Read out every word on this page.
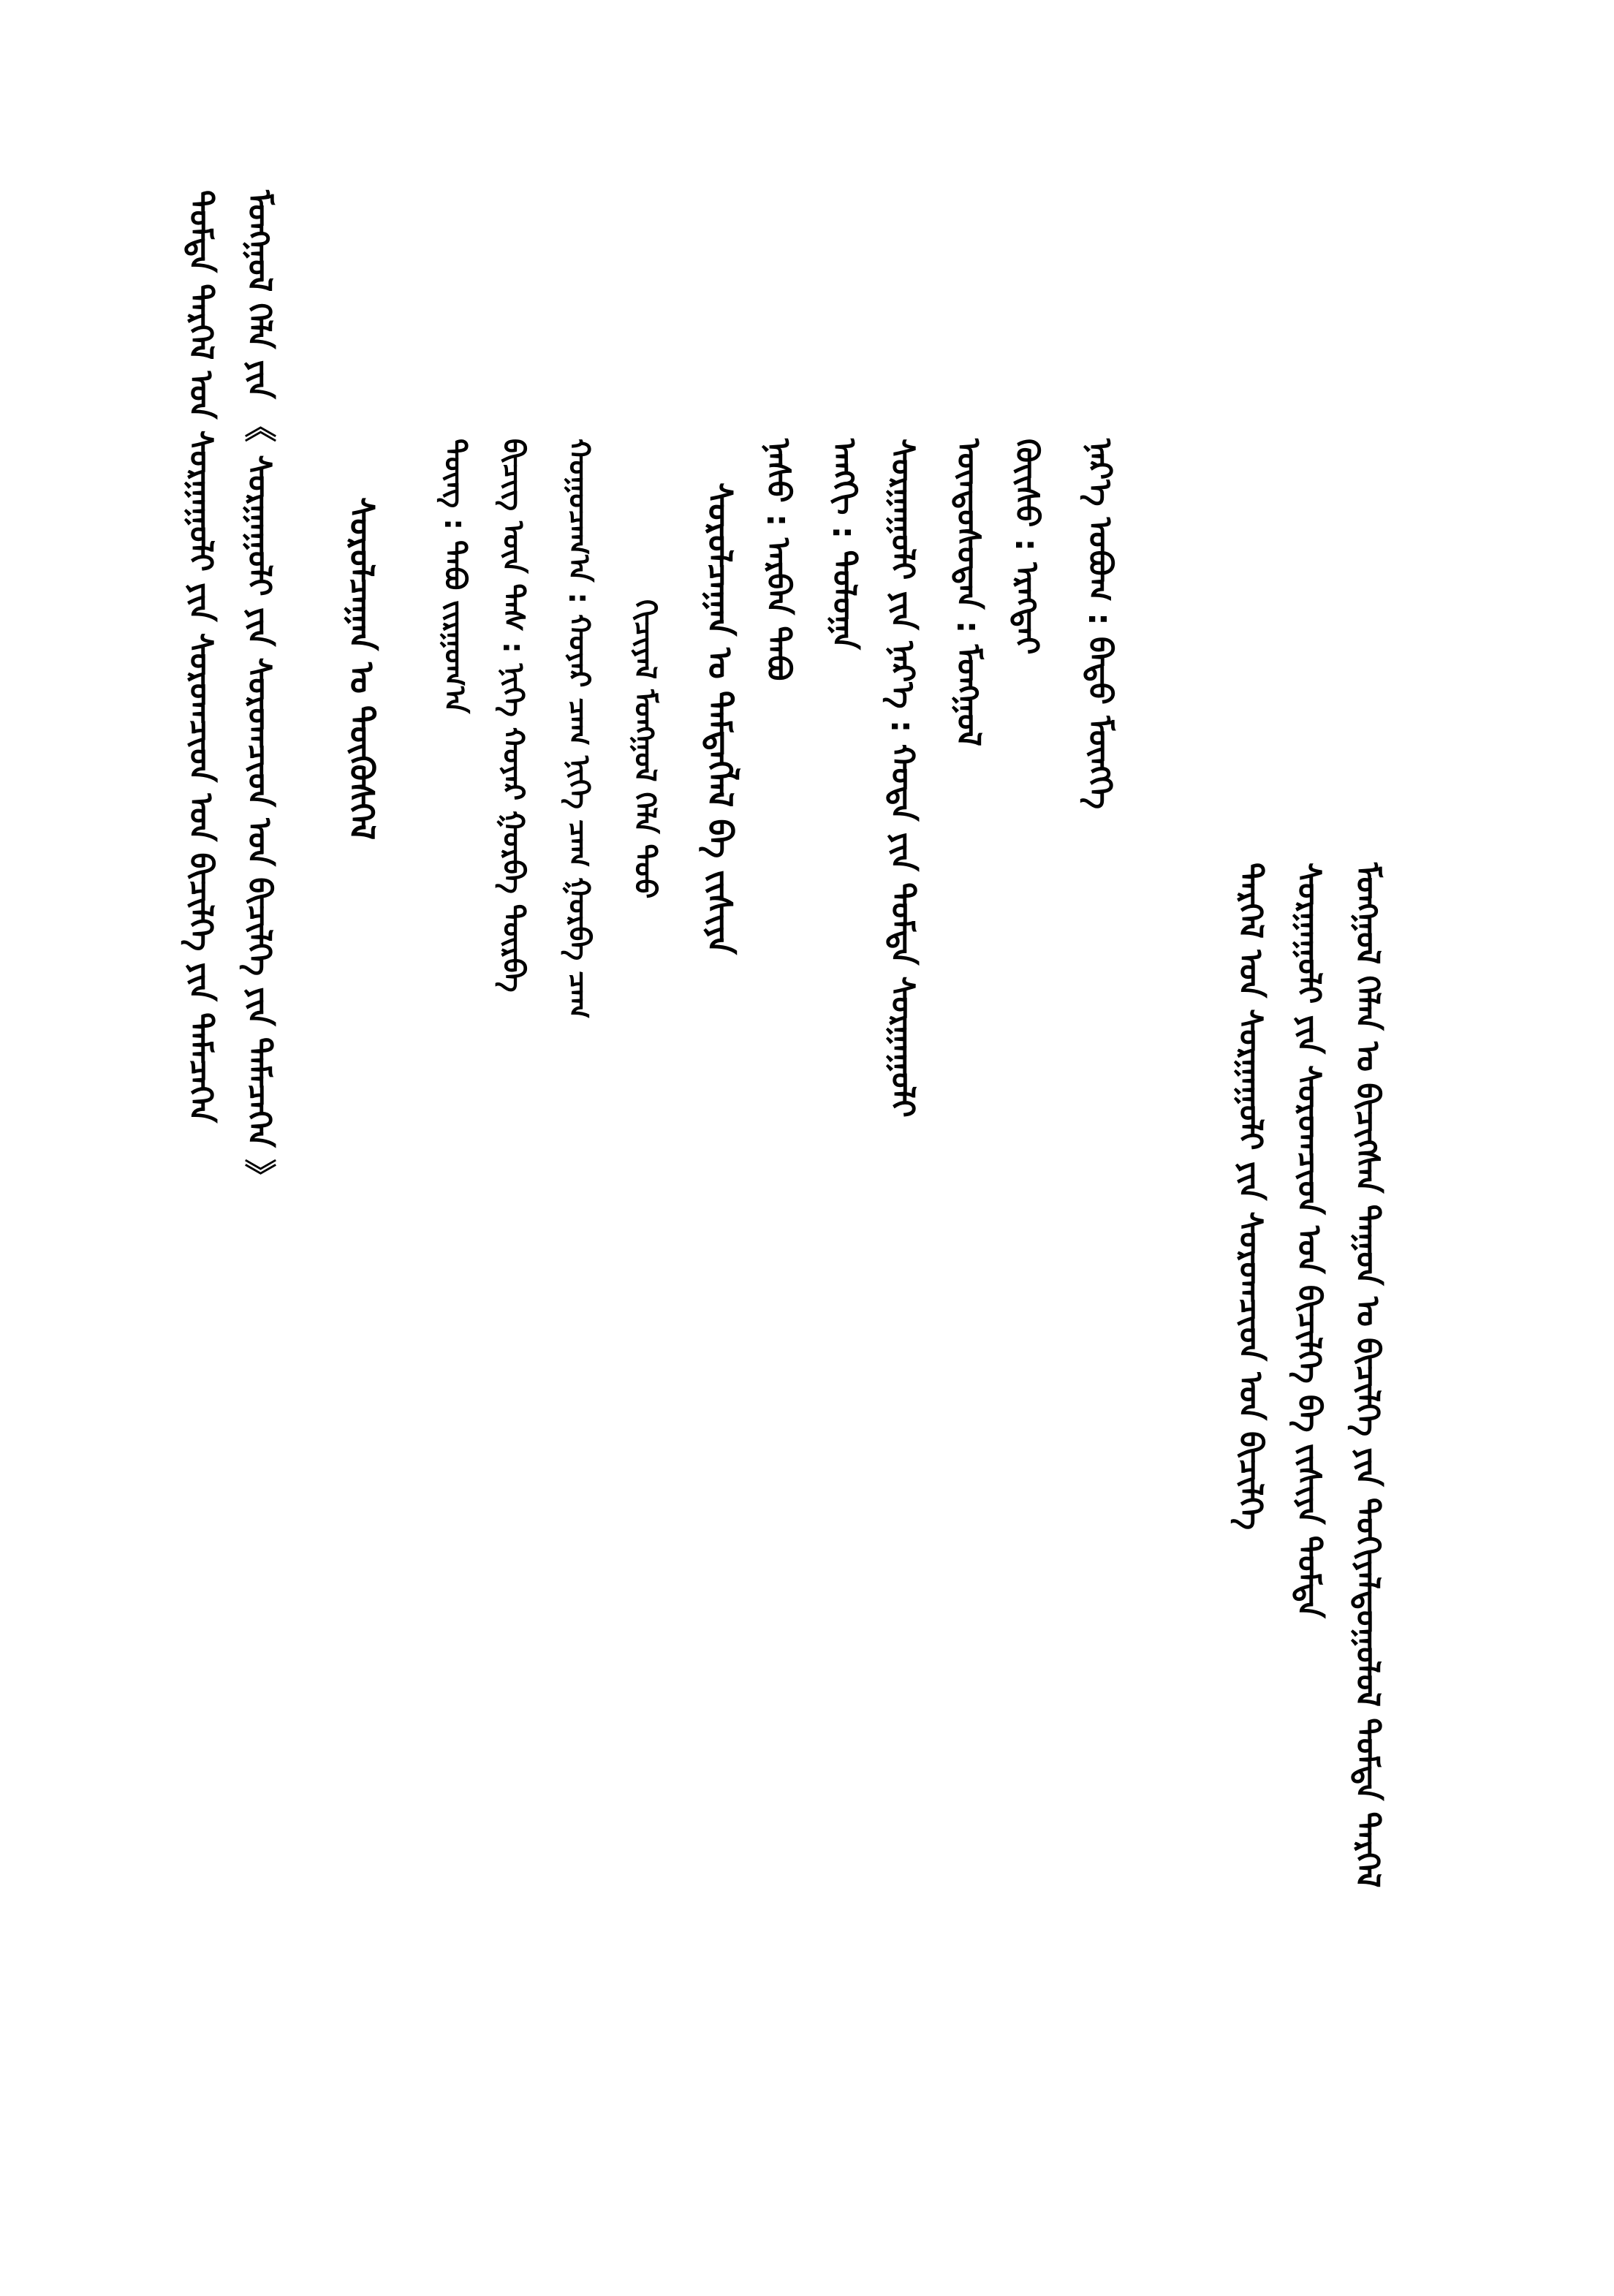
ᠮᠣᠩᠭᠣᠯ ᠬᠡᠯᠡᠨ ᠤ ᠪᠢᠴᠢᠭᠰᠡᠨ ᠳᠠᠭᠤᠨ ᠤ ᠪᠢᠴᠢᠯᠭᠡ ᠶᠢᠨ ᠲᠣᠬᠢᠶᠠᠯᠳᠤᠭᠤᠯᠤᠯ ᠳᠤᠮᠳᠠ ᠲᠡᠷᠭᠡᠯ
ᠰᠤᠷᠭᠠᠭᠤᠯᠢ ᠶᠢᠨ ᠰᠤᠷᠤᠭᠴᠢᠳ ᠤᠨ ᠪᠢᠴᠢᠯᠭᠡ ᠪᠠ ᠵᠢᠱᠢᠶᠡ ᠳᠤᠮᠳᠠ
ᠲᠡᠷᠭᠡᠯ ᠤᠨ ᠰᠤᠷᠭᠠᠭᠤᠯᠢ ᠶᠢᠨ ᠰᠤᠷᠤᠭᠴᠢᠳ ᠤᠨ ᠪᠢᠴᠢᠯᠭᠡ
ᠨᠡᠷ᠎ᠡ ᠣᠪᠣᠭ : ᠪᠠᠲᠤ ᠮᠥᠩᠬᠡ
ᠬᠦᠢᠰᠦ : ᠡᠷᠡᠭᠲᠡᠢ
ᠦᠨᠳᠦᠰᠦᠲᠡᠨ : ᠮᠣᠩᠭᠣᠯ
ᠰᠤᠷᠭᠠᠭᠤᠯᠢ ᠶᠢᠨ ᠨᠡᠷ᠎ᠡ : ᠬᠣᠲᠠ ᠶᠢᠨ ᠳᠤᠮᠳᠠ ᠰᠤᠷᠭᠠᠭᠤᠯᠢ
ᠠᠩᠭᠢ : ᠳᠣᠯᠣᠭᠠ
ᠨᠠᠰᠤ : ᠠᠷᠪᠠᠨ ᠲᠠᠪᠤ
ᠰᠤᠷᠤᠯᠴᠠᠭᠠᠨ ᠤ ᠲᠡᠮᠳᠡᠭᠯᠡᠯ ᠪᠠ ᠵᠢᠱᠢᠶᠡ
ᠬᠢᠴᠢᠶᠡᠯ ᠮᠣᠩᠭᠣᠯ ᠬᠡᠯᠡ ᠳᠣᠣ
ᠬᠤᠭᠤᠴᠠᠭ᠎ᠠ : ᠬᠣᠶᠠᠷ ᠴᠠᠭ ᠨᠢᠭᠡ ᠴᠠᠭ ᠭᠤᠷᠪᠠ ᠴᠠᠭ
ᠪᠢᠴᠢᠭ ᠦᠨ ᠳᠡᠰ : ᠨᠢᠭᠡ ᠬᠣᠶᠠᠷ ᠭᠤᠷᠪᠠ ᠳᠥᠷᠪᠡ
ᠳᠦᠩ : ᠲᠠᠪᠤ ᠵᠢᠷᠭᠤᠭ᠎ᠠ
ᠰᠤᠷᠤᠯᠴᠠᠭᠠᠨ ᠤ ᠲᠦᠭᠦᠰᠬᠡᠯ
ᠮᠣᠩᠭᠣᠯ ᠬᠡᠯᠡ ᠶᠢᠨ 《 ᠰᠤᠷᠭᠠᠭᠤᠯᠢ ᠶᠢᠨ ᠰᠤᠷᠤᠭᠴᠢᠳ ᠤᠨ ᠪᠢᠴᠢᠯᠭᠡ ᠶᠢᠨ ᠲᠡᠮᠡᠴᠡᠭᠡᠨ 》
ᠳᠤᠮᠳᠠ ᠲᠡᠷᠭᠡᠯ ᠤᠨ ᠰᠤᠷᠭᠠᠭᠤᠯᠢ ᠶᠢᠨ ᠰᠤᠷᠤᠭᠴᠢᠳ ᠤᠨ ᠪᠢᠴᠢᠯᠭᠡ ᠶᠢᠨ ᠲᠡᠮᠡᠴᠡᠭᠡᠨ
